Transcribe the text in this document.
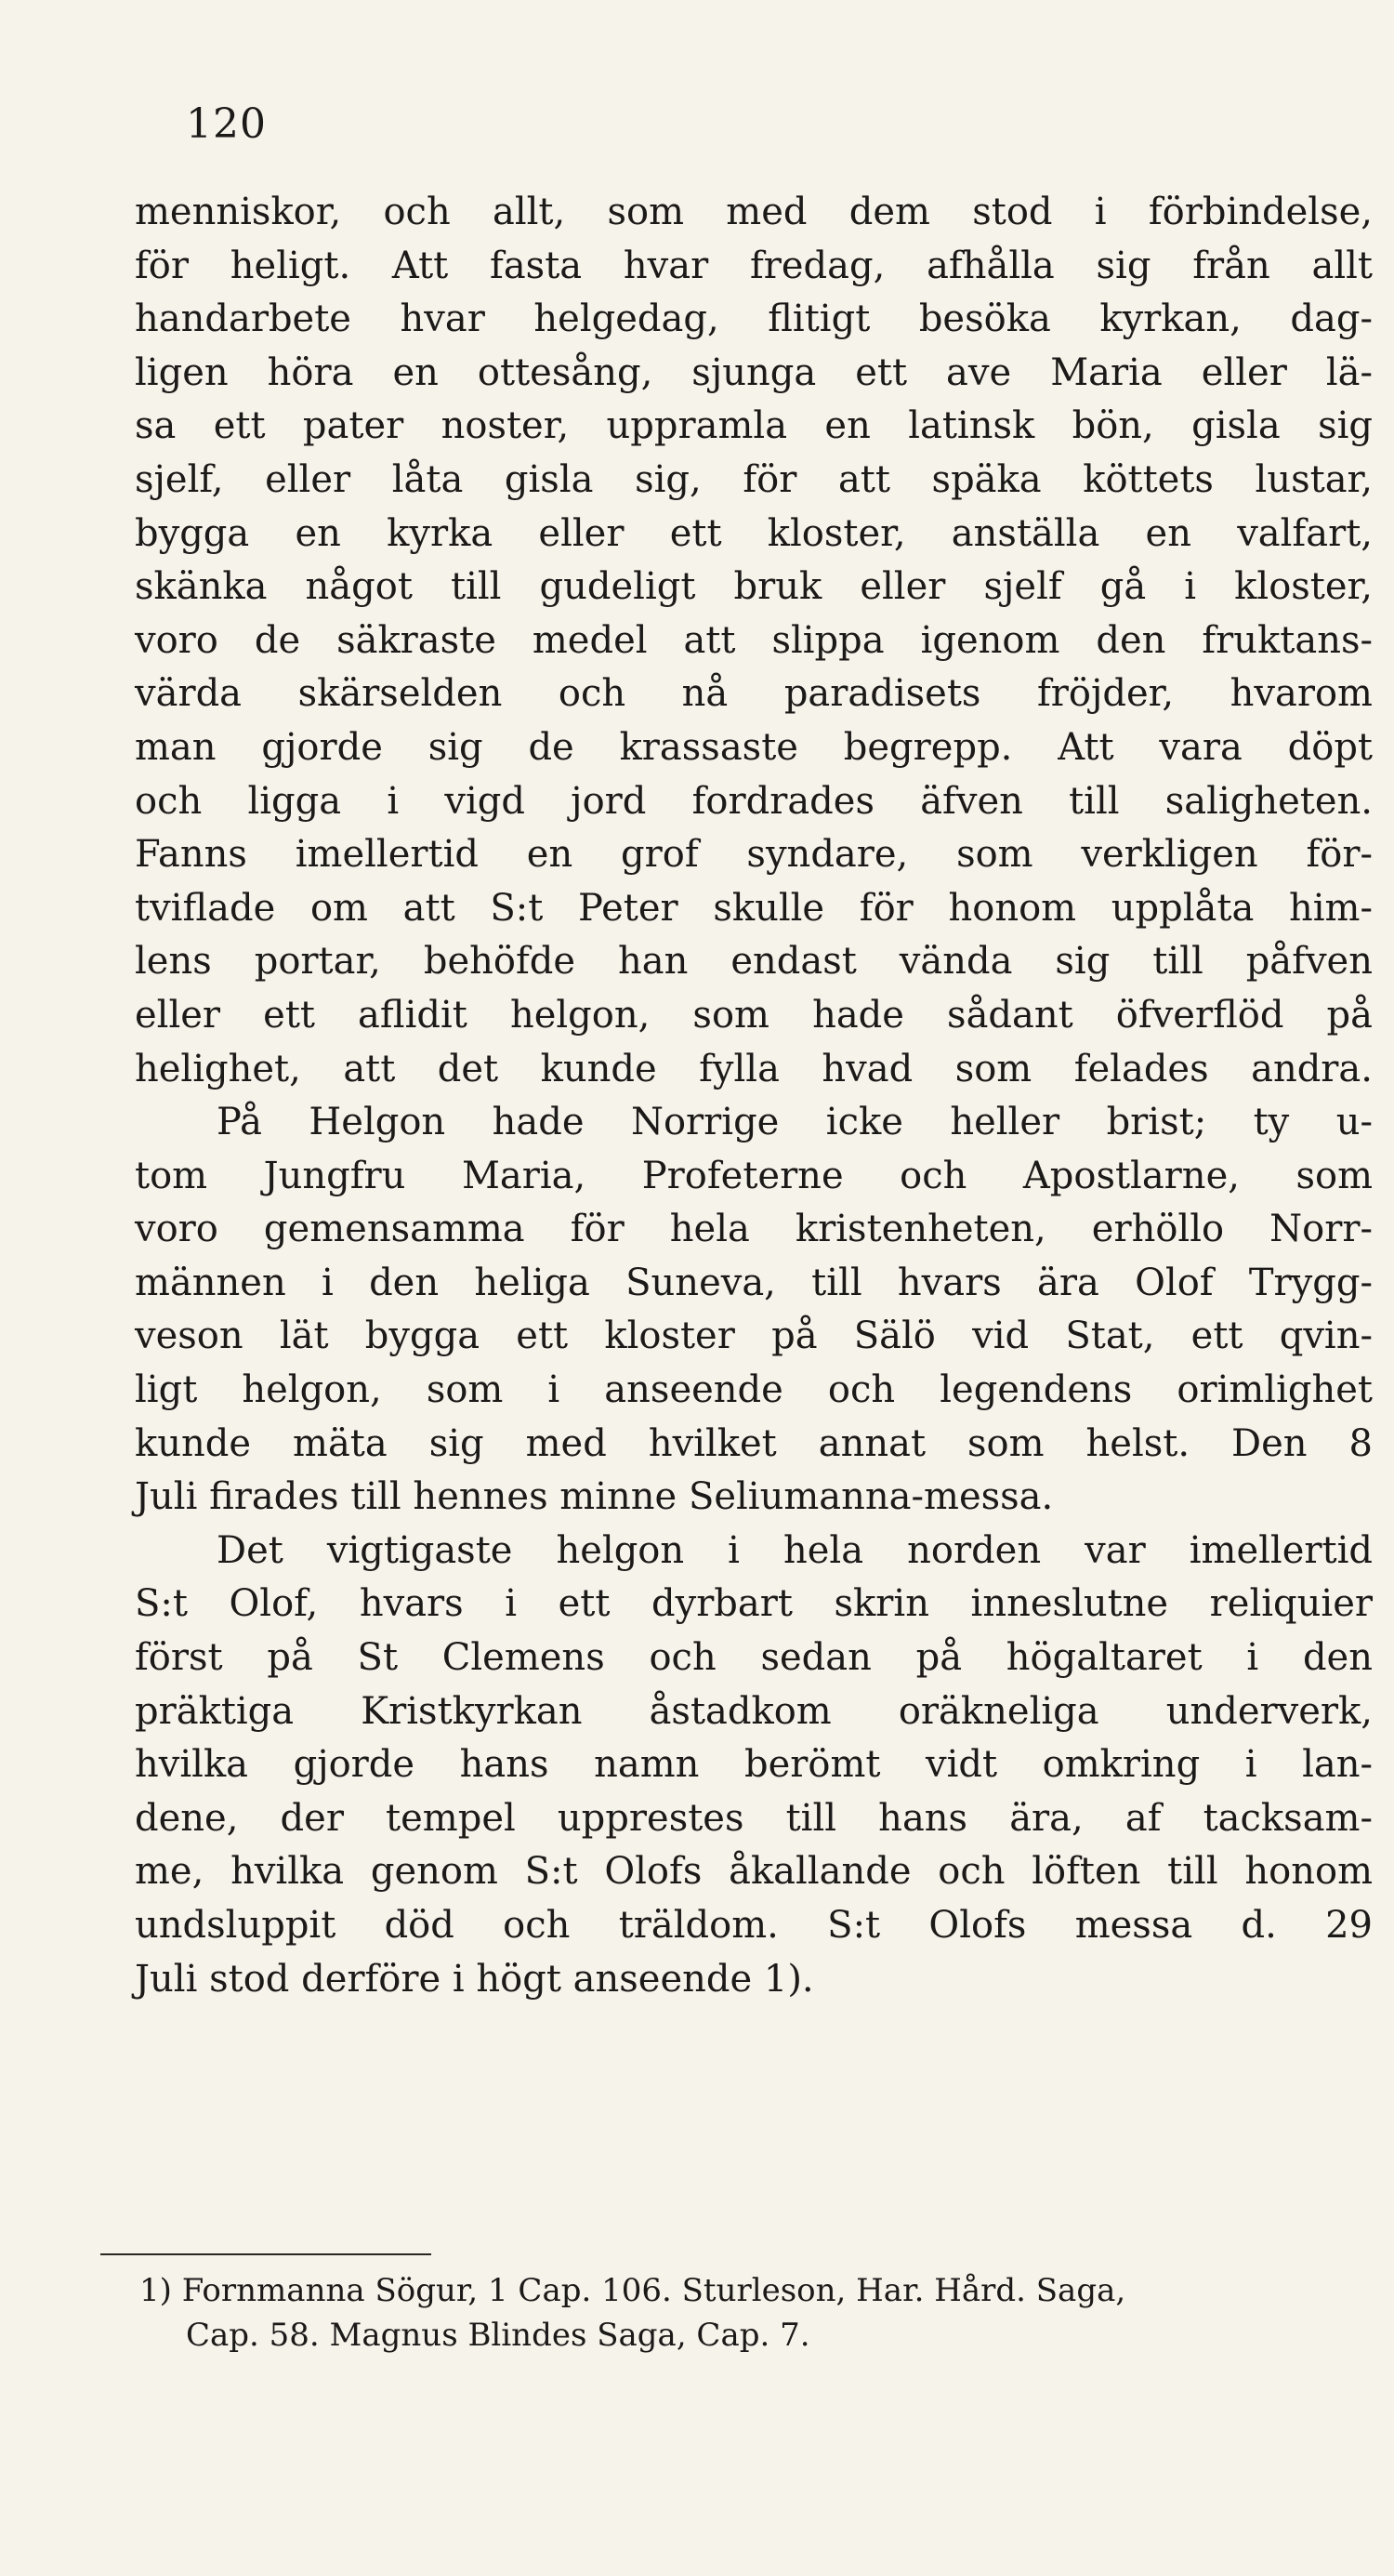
120
menniskor, och allt, som med dem stod i förbindelse,
för heligt. Att fasta hvar fredag, afhålla sig från allt
handarbete hvar helgedag, flitigt besöka kyrkan, dag-
ligen höra en ottesång, sjunga ett ave Maria eller lä-
sa ett pater noster, uppramla en latinsk bön, gisla sig
sjelf, eller låta gisla sig, för att späka köttets lustar,
bygga en kyrka eller ett kloster, anställa en valfart,
skänka något till gudeligt bruk eller sjelf gå i kloster,
voro de säkraste medel att slippa igenom den fruktans-
värda skärselden och nå paradisets fröjder, hvarom
man gjorde sig de krassaste begrepp. Att vara döpt
och ligga i vigd jord fordrades äfven till saligheten.
Fanns imellertid en grof syndare, som verkligen för-
tviflade om att S:t Peter skulle för honom upplåta him-
lens portar, behöfde han endast vända sig till påfven
eller ett aflidit helgon, som hade sådant öfverflöd på
helighet, att det kunde fylla hvad som felades andra.
På Helgon hade Norrige icke heller brist; ty u-
tom Jungfru Maria, Profeterne och Apostlarne, som
voro gemensamma för hela kristenheten, erhöllo Norr-
männen i den heliga Suneva, till hvars ära Olof Trygg-
veson lät bygga ett kloster på Sälö vid Stat, ett qvin-
ligt helgon, som i anseende och legendens orimlighet
kunde mäta sig med hvilket annat som helst. Den 8
Juli firades till hennes minne Seliumanna-messa.
Det vigtigaste helgon i hela norden var imellertid
S:t Olof, hvars i ett dyrbart skrin inneslutne reliquier
först på St Clemens och sedan på högaltaret i den
präktiga Kristkyrkan åstadkom oräkneliga underverk,
hvilka gjorde hans namn berömt vidt omkring i lan-
dene, der tempel upprestes till hans ära, af tacksam-
me, hvilka genom S:t Olofs åkallande och löften till honom
undsluppit död och träldom. S:t Olofs messa d. 29
Juli stod derföre i högt anseende 1).
1) Fornmanna Sögur, 1 Cap. 106. Sturleson, Har. Hård. Saga,
Cap. 58. Magnus Blindes Saga, Cap. 7.
